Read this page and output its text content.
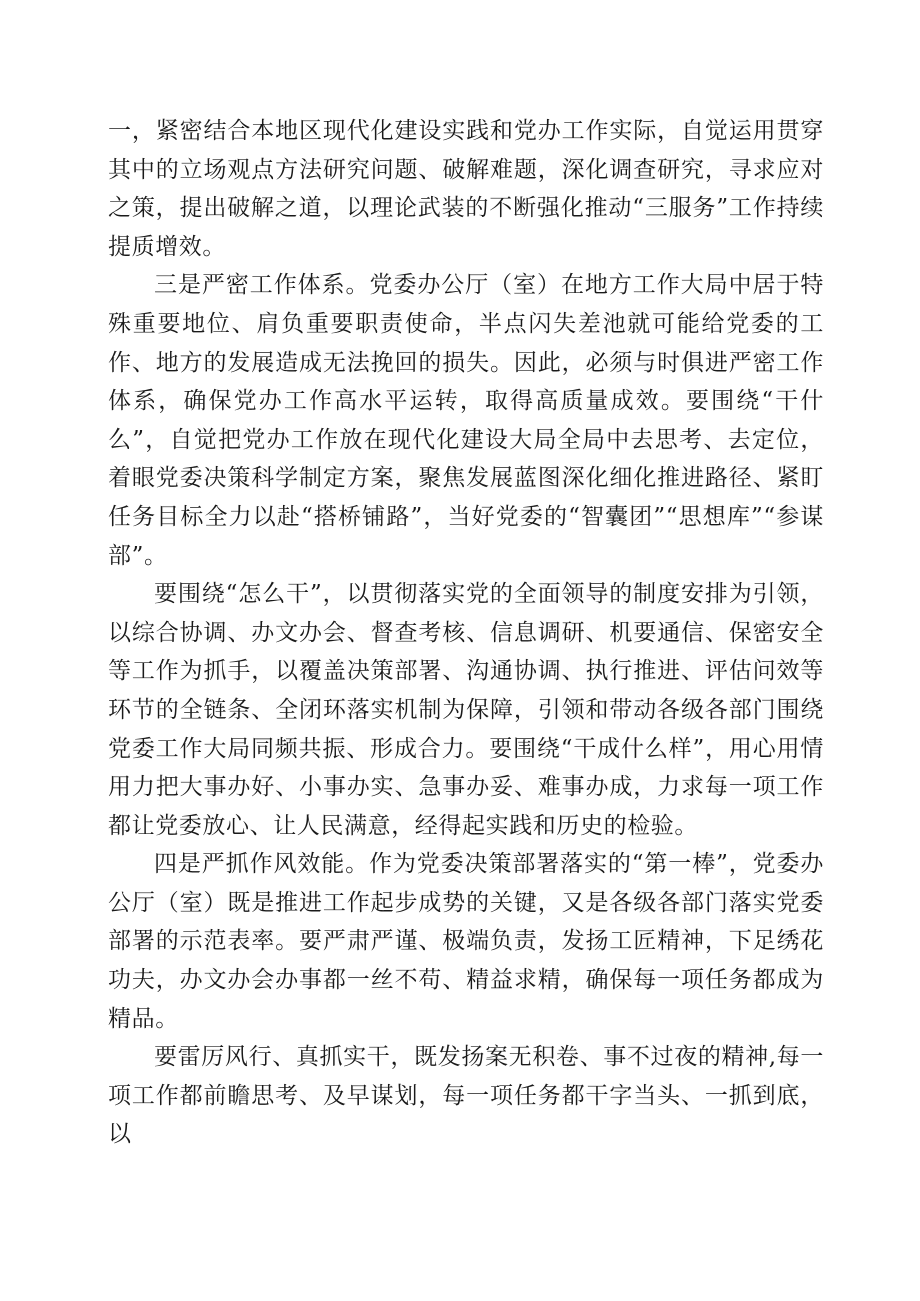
一，紧密结合本地区现代化建设实践和党办工作实际，自觉运用贯穿其中的立场观点方法研究问题、破解难题，深化调查研究，寻求应对之策，提出破解之道，以理论武装的不断强化推动“三服务”工作持续提质增效。

三是严密工作体系。党委办公厅（室）在地方工作大局中居于特殊重要地位、肩负重要职责使命，半点闪失差池就可能给党委的工作、地方的发展造成无法挽回的损失。因此，必须与时俱进严密工作体系，确保党办工作高水平运转，取得高质量成效。要围绕“干什么”，自觉把党办工作放在现代化建设大局全局中去思考、去定位，着眼党委决策科学制定方案，聚焦发展蓝图深化细化推进路径、紧盯任务目标全力以赴“搭桥铺路”，当好党委的“智囊团”“思想库”“参谋部”。

要围绕“怎么干”，以贯彻落实党的全面领导的制度安排为引领，以综合协调、办文办会、督查考核、信息调研、机要通信、保密安全等工作为抓手，以覆盖决策部署、沟通协调、执行推进、评估问效等环节的全链条、全闭环落实机制为保障，引领和带动各级各部门围绕党委工作大局同频共振、形成合力。要围绕“干成什么样”，用心用情用力把大事办好、小事办实、急事办妥、难事办成，力求每一项工作都让党委放心、让人民满意，经得起实践和历史的检验。

四是严抓作风效能。作为党委决策部署落实的“第一棒”，党委办公厅（室）既是推进工作起步成势的关键，又是各级各部门落实党委部署的示范表率。要严肃严谨、极端负责，发扬工匠精神，下足绣花功夫，办文办会办事都一丝不苟、精益求精，确保每一项任务都成为精品。

要雷厉风行、真抓实干，既发扬案无积卷、事不过夜的精神,每一项工作都前瞻思考、及早谋划，每一项任务都干字当头、一抓到底，以
